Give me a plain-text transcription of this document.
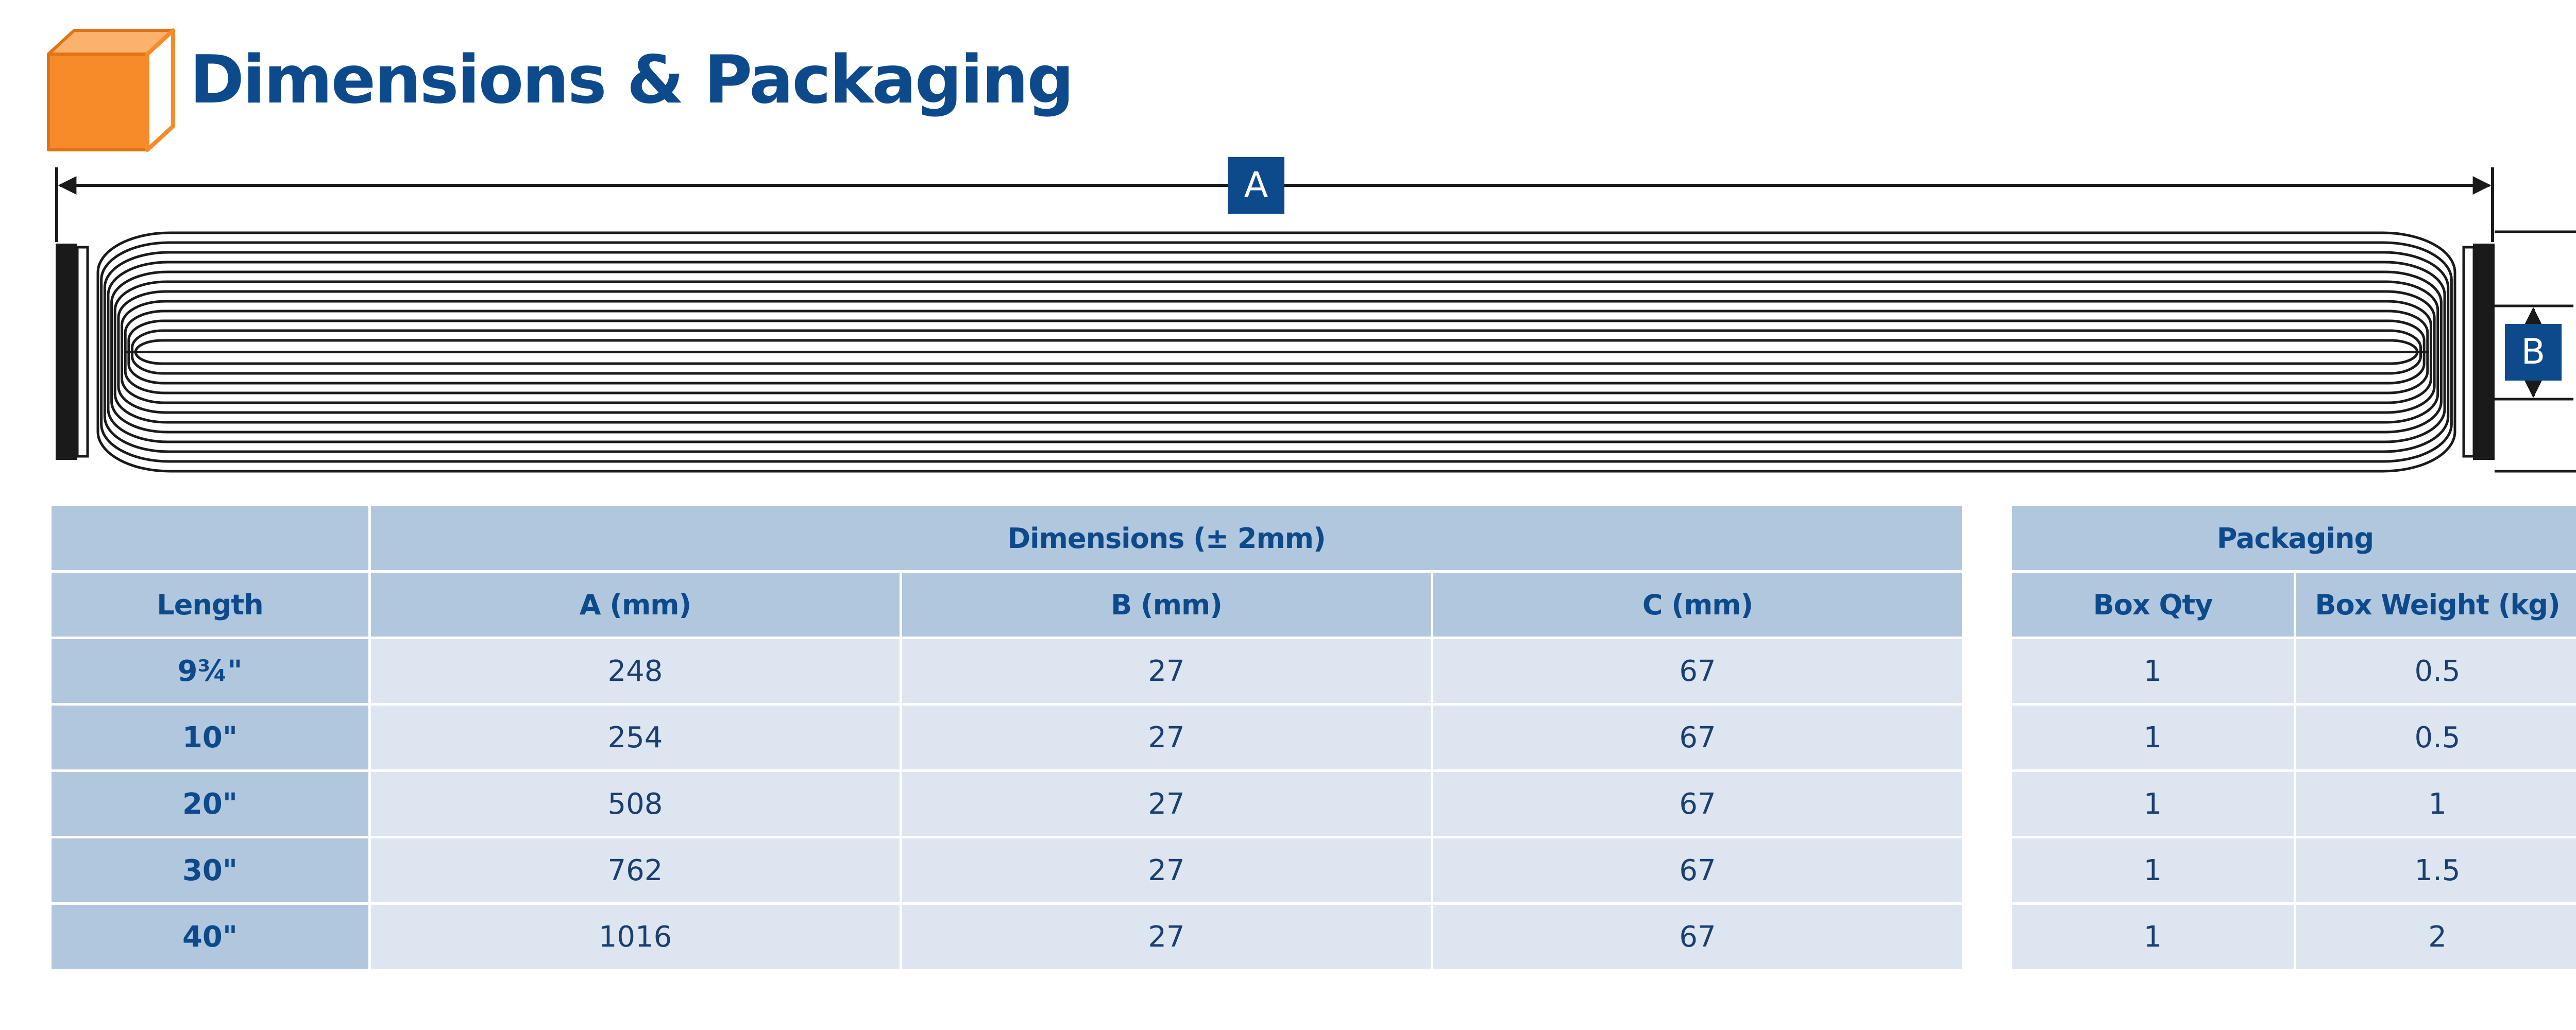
Dimensions & Packaging
A
B
	Dimensions (± 2mm)		
Length	A (mm)	B (mm)	C (mm)
9¾"	248	27	67
10"	254	27	67
20"	508	27	67
30"	762	27	67
40"	1016	27	67
Packaging	
Box Qty	Box Weight (kg)
1	0.5
1	0.5
1	1
1	1.5
1	2
